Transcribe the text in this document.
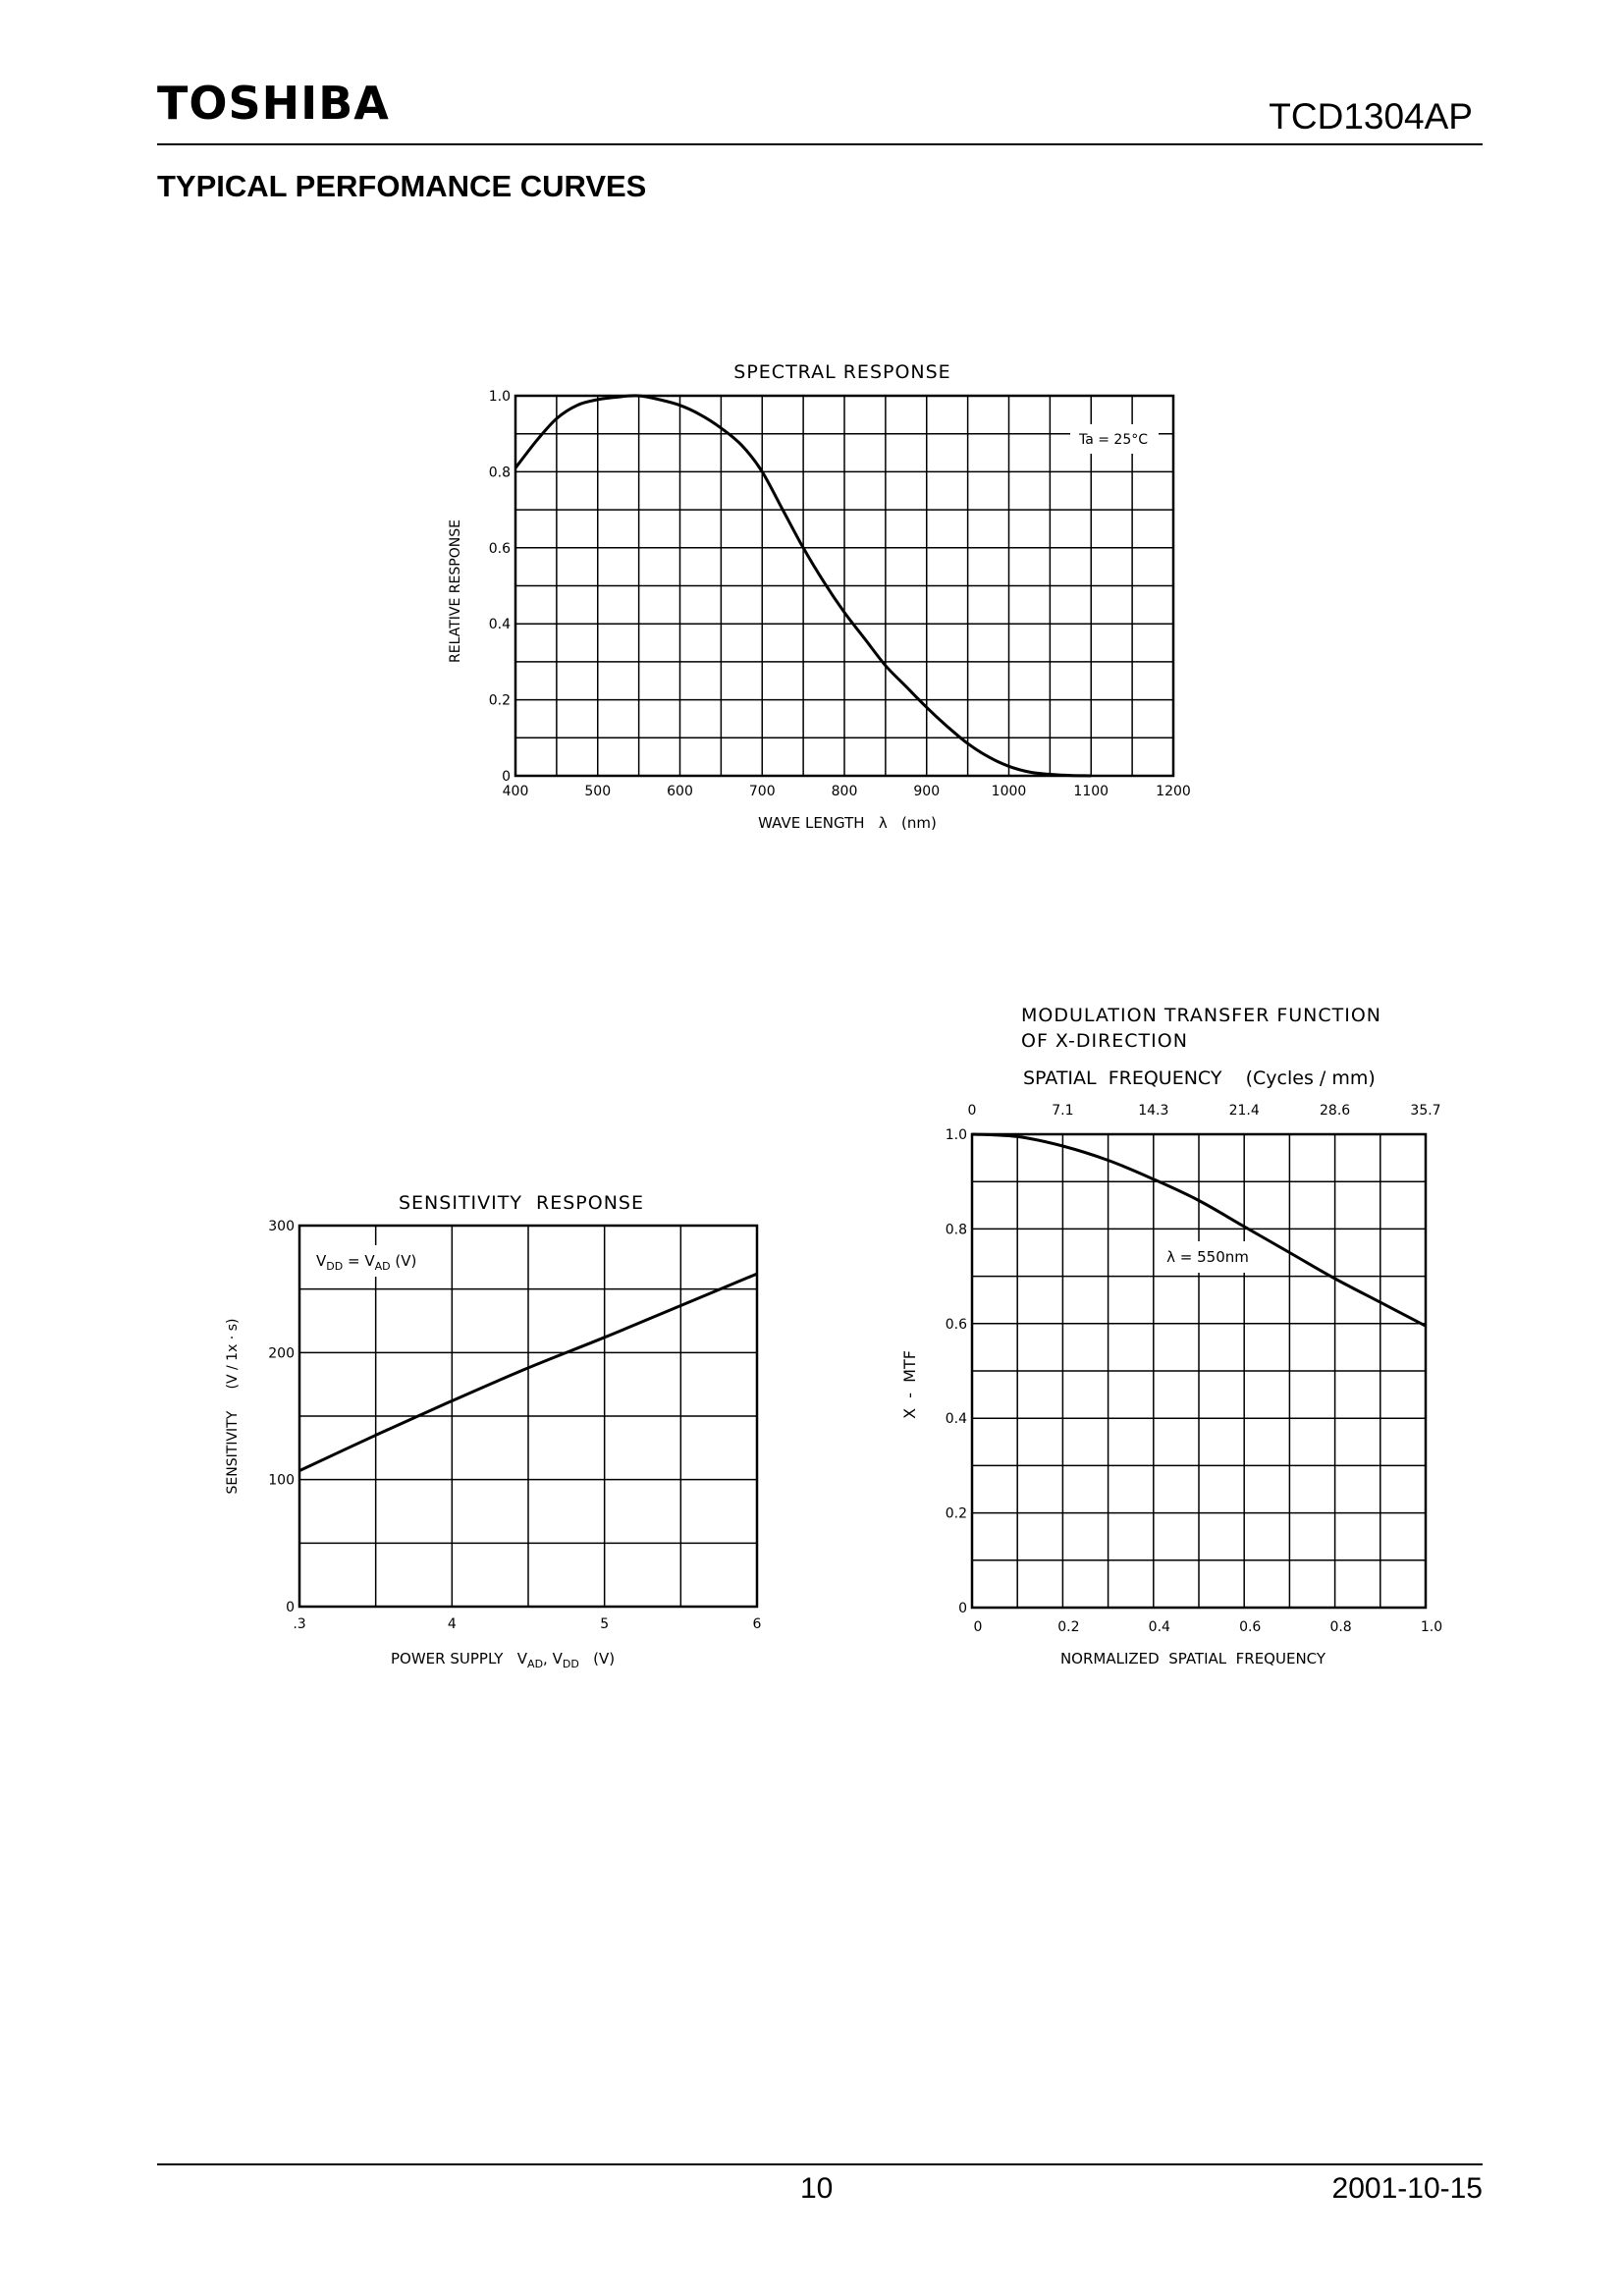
TOSHIBA	TCD1304AP
TYPICAL PERFOMANCE CURVES
SPECTRAL RESPONSE
Ta = 25°C
400	500	600	700	800	900	1000	1100	1200
0
0.2
0.4
0.6
0.8
1.0
WAVE LENGTH   λ   (nm)
RELATIVE RESPONSE
SENSITIVITY  RESPONSE
$V_{DD} = V_{AD}$ (V)
.3	4	5	6
0
100
200
300
POWER SUPPLY   $V_{AD}$, $V_{DD}$ (V)
SENSITIVITY     (V / 1x · s)
MODULATION TRANSFER FUNCTION
OF X-DIRECTION
SPATIAL  FREQUENCY    (Cycles / mm)
0	7.1	14.3	21.4	28.6	35.7
λ = 550nm
0	0.2	0.4	0.6	0.8	1.0
0
0.2
0.4
0.6
0.8
1.0
NORMALIZED  SPATIAL  FREQUENCY
X  -  MTF
10	2001-10-15
